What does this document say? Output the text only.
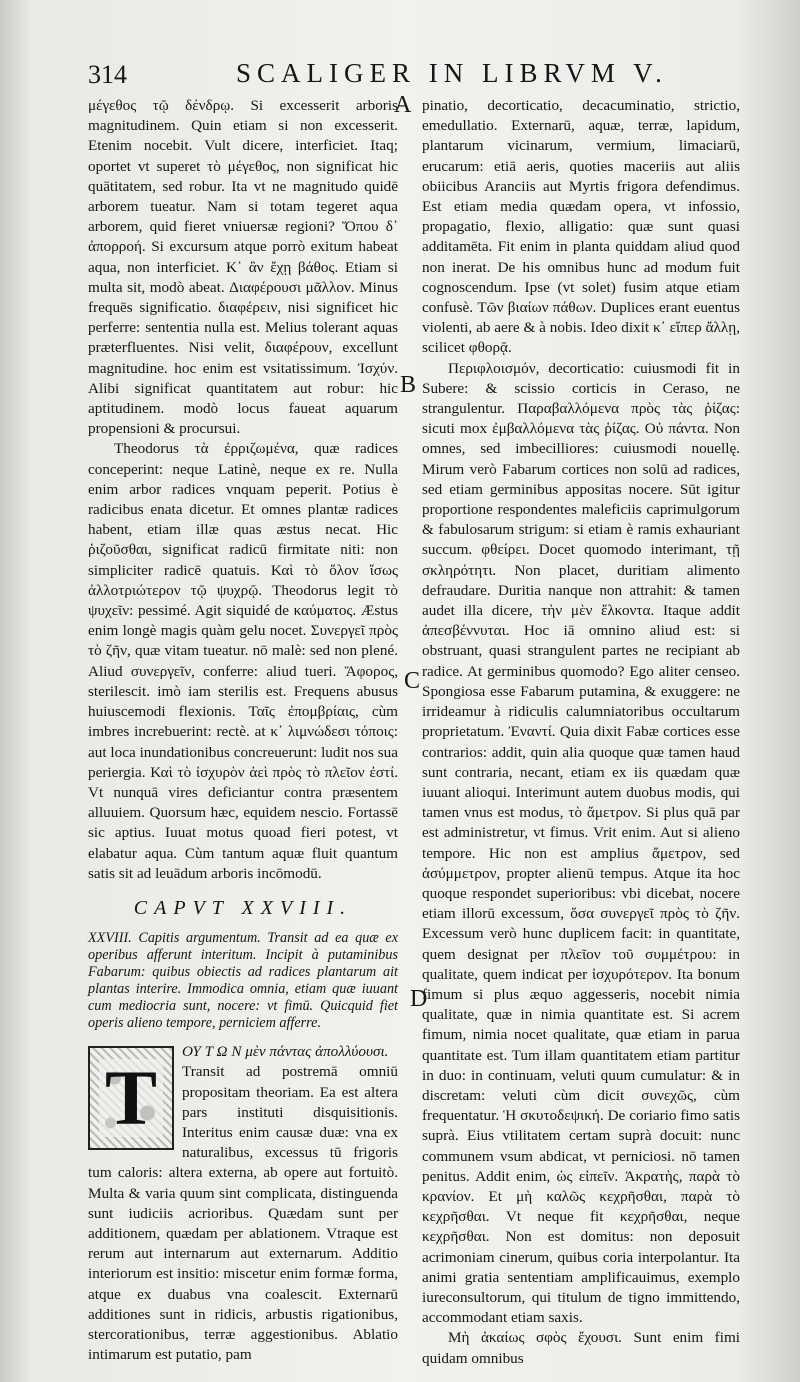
314	SCALIGER IN LIBRVM V.
A
B
C
D

μέγεθος τῷ δένδρῳ. Si excesserit arboris magnitudinem. Quin etiam si non excesserit. Etenim nocebit. Vult dicere, interficiet. Itaq; oportet vt superet τὸ μέγεθος, non significat hic quātitatem, sed robur. Ita vt ne magnitudo quidē arborem tueatur. Nam si totam tegeret aqua arborem, quid fieret vniuersæ regioni? Ὅπου δ᾽ ἀπορροή. Si excursum atque porrò exitum habeat aqua, non interficiet. Κ᾽ ἂν ἔχῃ βάθος. Etiam si multa sit, modò abeat. Διαφέρουσι μᾶλλον. Minus frequēs significatio. διαφέρειν, nisi significet hic perferre: sententia nulla est. Melius tolerant aquas præterfluentes. Nisi velit, διαφέρουν, excellunt magnitudine. hoc enim est vsitatissimum. Ἰσχύν. Alibi significat quantitatem aut robur: hic aptitudinem. modò locus faueat aquarum propensioni & procursui.

Theodorus τὰ ἐρριζωμένα, quæ radices conceperint: neque Latinè, neque ex re. Nulla enim arbor radices vnquam peperit. Potius è radicibus enata dicetur. Et omnes plantæ radices habent, etiam illæ quas æstus necat. Hic ῥιζοῦσθαι, significat radicū firmitate niti: non simpliciter radicē quatuis. Καὶ τὸ ὅλον ἴσως ἀλλοτριώτερον τῷ ψυχρῷ. Theodorus legit τὸ ψυχεῖν: pessimé. Agit siquidé de καύματος. Æstus enim longè magis quàm gelu nocet. Συνεργεῖ πρὸς τὸ ζῆν, quæ vitam tueatur. nō malè: sed non plené. Aliud συνεργεῖν, conferre: aliud tueri. Ἄφορος, sterilescit. imò iam sterilis est. Frequens abusus huiuscemodi flexionis. Ταῖς ἐπομβρίαις, cùm imbres increbuerint: rectè. at κ᾽ λιμνώδεσι τόποις: aut loca inundationibus concreuerunt: ludit nos sua periergia. Καὶ τὸ ἰσχυρὸν ἀεὶ πρὸς τὸ πλεῖον ἐστί. Vt nunquā vires deficiantur contra præsentem alluuiem. Quorsum hæc, equidem nescio. Fortassē sic aptius. Iuuat motus quoad fieri potest, vt elabatur aqua. Cùm tantum aquæ fluit quantum satis sit ad leuādum arboris incōmodū.

CAPVT XXVIII.
XXVIII. Capitis argumentum. Transit ad ea quæ ex operibus afferunt interitum. Incipit à putaminibus Fabarum: quibus obiectis ad radices plantarum ait plantas interire. Immodica omnia, etiam quæ iuuant cum mediocria sunt, nocere: vt fimū. Quicquid fiet operis alieno tempore, perniciem afferre.
T

ΟΥ Τ Ω Ν μὲν πάντας ἀπολλύουσι.

Transit ad postremā omniū propositam theoriam. Ea est altera pars instituti disquisitionis. Interitus enim causæ duæ: vna ex naturalibus, excessus tū frigoris tum caloris: altera externa, ab opere aut fortuitò. Multa & varia quum sint complicata, distinguenda sunt iudiciis acrioribus. Quædam sunt per additionem, quædam per ablationem. Vtraque est rerum aut internarum aut externarum. Additio interiorum est insitio: miscetur enim formæ forma, atque ex duabus vna coalescit. Externarū additiones sunt in ridicis, arbustis rigationibus, stercorationibus, terræ aggestionibus. Ablatio intimarum est putatio, pam

pinatio, decorticatio, decacuminatio, strictio, emedullatio. Externarū, aquæ, terræ, lapidum, plantarum vicinarum, vermium, limaciarū, erucarum: etiā aeris, quoties maceriis aut aliis obiicibus Aranciis aut Myrtis frigora defendimus. Est etiam media quædam opera, vt infossio, propagatio, flexio, alligatio: quæ sunt quasi additamēta. Fit enim in planta quiddam aliud quod non inerat. De his omnibus hunc ad modum fuit cognoscendum. Ipse (vt solet) fusim atque etiam confusè. Τῶν βιαίων πάθων. Duplices erant euentus violenti, ab aere & à nobis. Ideo dixit κ᾽ εἴπερ ἄλλῃ, scilicet φθορᾷ.

Περιφλοισμόν, decorticatio: cuiusmodi fit in Subere: & scissio corticis in Ceraso, ne strangulentur. Παραβαλλόμενα πρὸς τὰς ῥίζας: sicuti mox ἐμβαλλόμενα τὰς ῥίζας. Οὐ πάντα. Non omnes, sed imbecilliores: cuiusmodi nouellę. Mirum verò Fabarum cortices non solū ad radices, sed etiam germinibus appositas nocere. Sūt igitur proportione respondentes maleficiis caprimulgorum & fabulosarum strigum: si etiam è ramis exhauriant succum. φθείρει. Docet quomodo interimant, τῇ σκληρότητι. Non placet, duritiam alimento defraudare. Duritia nanque non attrahit: & tamen audet illa dicere, τὴν μὲν ἕλκοντα. Itaque addit ἀπεσβέννυται. Hoc iā omnino aliud est: si obstruant, quasi strangulent partes ne recipiant ab radice. At germinibus quomodo? Ego aliter censeo. Spongiosa esse Fabarum putamina, & exuggere: ne irrideamur à ridiculis calumniatoribus occultarum proprietatum. Ἐναντί. Quia dixit Fabæ cortices esse contrarios: addit, quin alia quoque quæ tamen haud sunt contraria, necant, etiam ex iis quædam quæ iuuant alioqui. Interimunt autem duobus modis, qui tamen vnus est modus, τὸ ἄμετρον. Si plus quā par est administretur, vt fimus. Vrit enim. Aut si alieno tempore. Hic non est amplius ἄμετρον, sed ἀσύμμετρον, propter alienū tempus. Atque ita hoc quoque respondet superioribus: vbi dicebat, nocere etiam illorū excessum, ὅσα συνεργεῖ πρὸς τὸ ζῆν. Excessum verò hunc duplicem facit: in quantitate, quem designat per πλεῖον τοῦ συμμέτρου: in qualitate, quem indicat per ἰσχυρότερον. Ita bonum fimum si plus æquo aggesseris, nocebit nimia qualitate, quæ in nimia quantitate est. Si acrem fimum, nimia nocet qualitate, quæ etiam in parua quantitate est. Tum illam quantitatem etiam partitur in duo: in continuam, veluti quum cumulatur: & in discretam: veluti cùm dicit συνεχῶς, cùm frequentatur. Ἡ σκυτοδεψική. De coriario fimo satis suprà. Eius vtilitatem certam suprà docuit: nunc communem vsum abdicat, vt perniciosi. nō tamen penitus. Addit enim, ὡς εἰπεῖν. Ἀκρατὴς, παρὰ τὸ κρανίον. Et μὴ καλῶς κεχρῆσθαι, παρὰ τὸ κεχρῆσθαι. Vt neque fit κεχρῆσθαι, neque κεχρῆσθαι. Non est domitus: non deposuit acrimoniam cinerum, quibus coria interpolantur. Ita animi gratia sententiam amplificauimus, exemplo iureconsultorum, qui titulum de tigno immittendo, accommodant etiam saxis.

Μὴ ἀκαίως σφὸς ἔχουσι. Sunt enim fimi quidam omnibus
